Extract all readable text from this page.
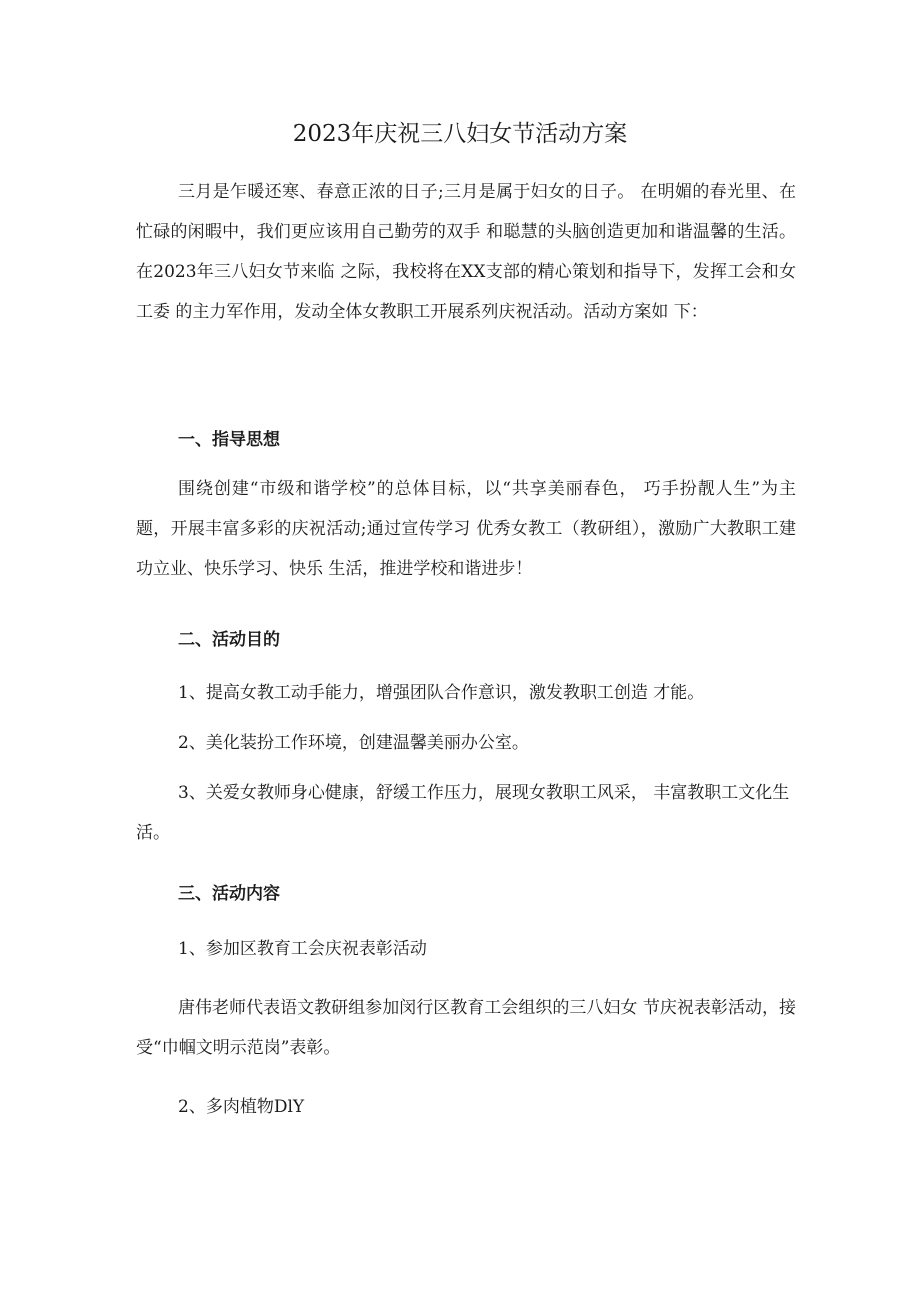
2023年庆祝三八妇女节活动方案

三月是乍暖还寒、春意正浓的日子;三月是属于妇女的日子。 在明媚的春光里、在忙碌的闲暇中，我们更应该用自己勤劳的双手 和聪慧的头脑创造更加和谐温馨的生活。在2023年三八妇女节来临 之际，我校将在XX支部的精心策划和指导下，发挥工会和女工委 的主力军作用，发动全体女教职工开展系列庆祝活动。活动方案如 下：

一、指导思想

围绕创建“市级和谐学校”的总体目标，以“共享美丽春色， 巧手扮靓人生”为主题，开展丰富多彩的庆祝活动;通过宣传学习 优秀女教工（教研组），激励广大教职工建功立业、快乐学习、快乐 生活，推进学校和谐进步！

二、活动目的

1、提高女教工动手能力，增强团队合作意识，激发教职工创造 才能。

2、美化装扮工作环境，创建温馨美丽办公室。

3、关爱女教师身心健康，舒缓工作压力，展现女教职工风采， 丰富教职工文化生活。

三、活动内容

1、参加区教育工会庆祝表彰活动

唐伟老师代表语文教研组参加闵行区教育工会组织的三八妇女 节庆祝表彰活动，接受“巾帼文明示范岗”表彰。

2、多肉植物DlY
